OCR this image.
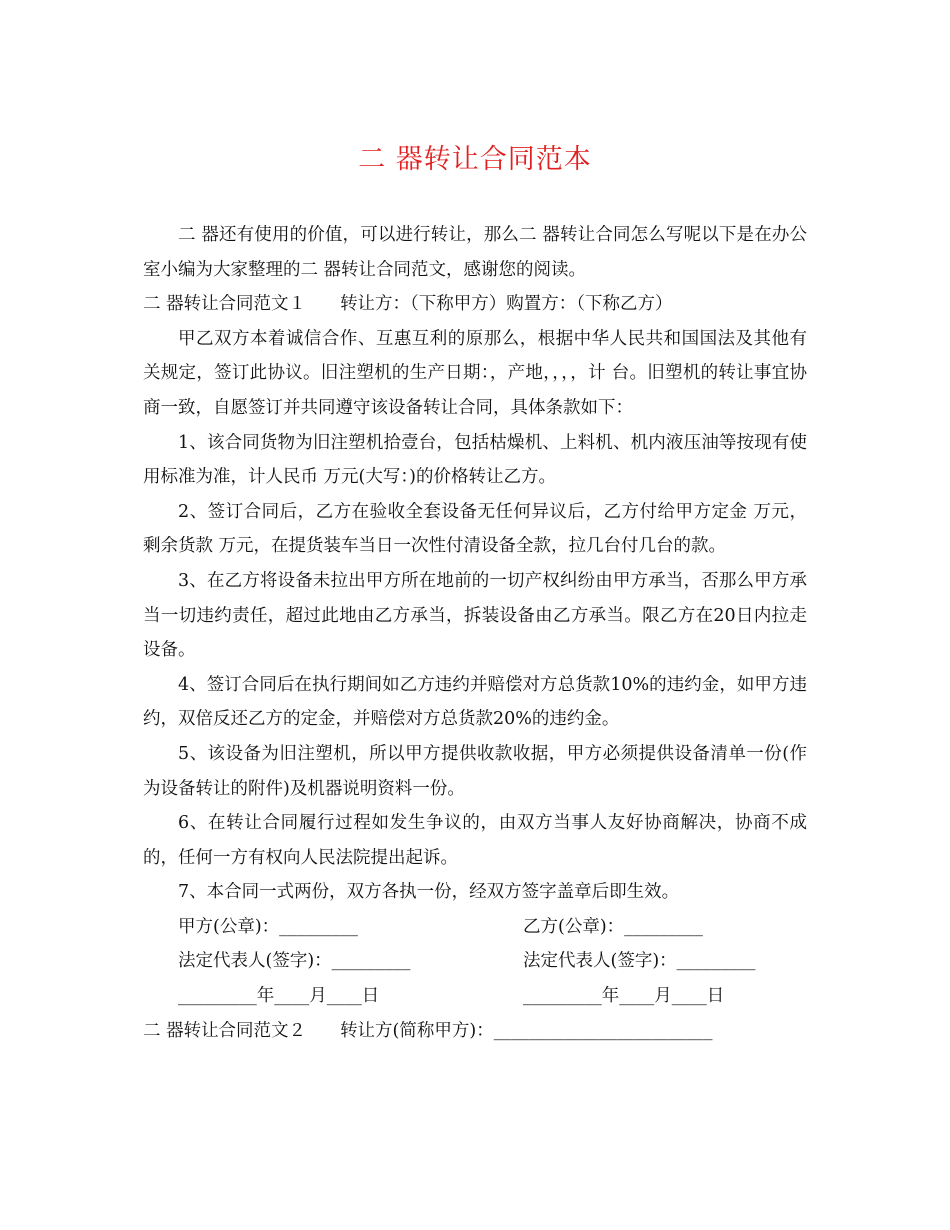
二 器转让合同范本

二 器还有使用的价值，可以进行转让，那么二 器转让合同怎么写呢以下是在办公室小编为大家整理的二 器转让合同范文，感谢您的阅读。

二 器转让合同范文１ 转让方：（下称甲方）购置方：（下称乙方）

甲乙双方本着诚信合作、互惠互利的原那么，根据中华人民共和国国法及其他有关规定，签订此协议。旧注塑机的生产日期：，产地，，，，计 台。旧塑机的转让事宜协商一致，自愿签订并共同遵守该设备转让合同，具体条款如下：

1、该合同货物为旧注塑机拾壹台，包括枯燥机、上料机、机内液压油等按现有使用标准为准，计人民币 万元(大写：)的价格转让乙方。

2、签订合同后，乙方在验收全套设备无任何异议后，乙方付给甲方定金 万元，剩余货款 万元，在提货装车当日一次性付清设备全款，拉几台付几台的款。

3、在乙方将设备未拉出甲方所在地前的一切产权纠纷由甲方承当，否那么甲方承当一切违约责任，超过此地由乙方承当，拆装设备由乙方承当。限乙方在20日内拉走设备。

4、签订合同后在执行期间如乙方违约并赔偿对方总货款10%的违约金，如甲方违约，双倍反还乙方的定金，并赔偿对方总货款20%的违约金。

5、该设备为旧注塑机，所以甲方提供收款收据，甲方必须提供设备清单一份(作为设备转让的附件)及机器说明资料一份。

6、在转让合同履行过程如发生争议的，由双方当事人友好协商解决，协商不成的，任何一方有权向人民法院提出起诉。

7、本合同一式两份，双方各执一份，经双方签字盖章后即生效。

甲方(公章)：_________	乙方(公章)：_________
法定代表人(签字)：_________	法定代表人(签字)：_________
_________年____月____日	_________年____月____日

二 器转让合同范文２ 转让方(简称甲方)：_________________________
